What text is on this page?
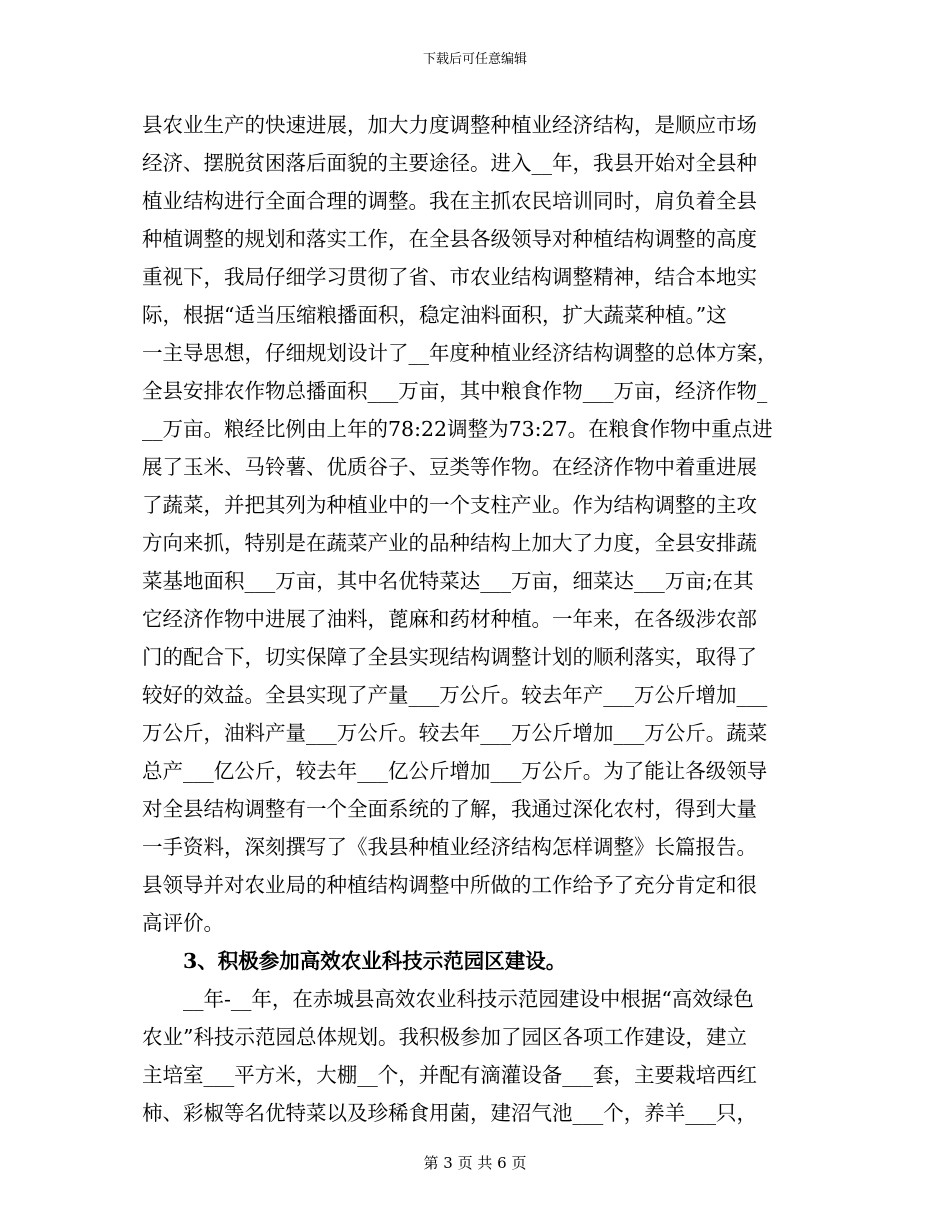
下载后可任意编辑
县农业生产的快速进展，加大力度调整种植业经济结构，是顺应市场
经济、摆脱贫困落后面貌的主要途径。进入__年，我县开始对全县种
植业结构进行全面合理的调整。我在主抓农民培训同时，肩负着全县
种植调整的规划和落实工作，在全县各级领导对种植结构调整的高度
重视下，我局仔细学习贯彻了省、市农业结构调整精神，结合本地实
际，根据“适当压缩粮播面积，稳定油料面积，扩大蔬菜种植。”这
一主导思想，仔细规划设计了__年度种植业经济结构调整的总体方案，
全县安排农作物总播面积___万亩，其中粮食作物___万亩，经济作物_
__万亩。粮经比例由上年的78:22调整为73:27。在粮食作物中重点进
展了玉米、马铃薯、优质谷子、豆类等作物。在经济作物中着重进展
了蔬菜，并把其列为种植业中的一个支柱产业。作为结构调整的主攻
方向来抓，特别是在蔬菜产业的品种结构上加大了力度，全县安排蔬
菜基地面积___万亩，其中名优特菜达___万亩，细菜达___万亩;在其
它经济作物中进展了油料，蓖麻和药材种植。一年来，在各级涉农部
门的配合下，切实保障了全县实现结构调整计划的顺利落实，取得了
较好的效益。全县实现了产量___万公斤。较去年产___万公斤增加___
万公斤，油料产量___万公斤。较去年___万公斤增加___万公斤。蔬菜
总产___亿公斤，较去年___亿公斤增加___万公斤。为了能让各级领导
对全县结构调整有一个全面系统的了解，我通过深化农村，得到大量
一手资料，深刻撰写了《我县种植业经济结构怎样调整》长篇报告。
县领导并对农业局的种植结构调整中所做的工作给予了充分肯定和很
高评价。
3、积极参加高效农业科技示范园区建设。
__年-__年，在赤城县高效农业科技示范园建设中根据“高效绿色
农业”科技示范园总体规划。我积极参加了园区各项工作建设，建立
主培室___平方米，大棚__个，并配有滴灌设备___套，主要栽培西红
柿、彩椒等名优特菜以及珍稀食用菌，建沼气池___个，养羊___只，
第 3 页 共 6 页
